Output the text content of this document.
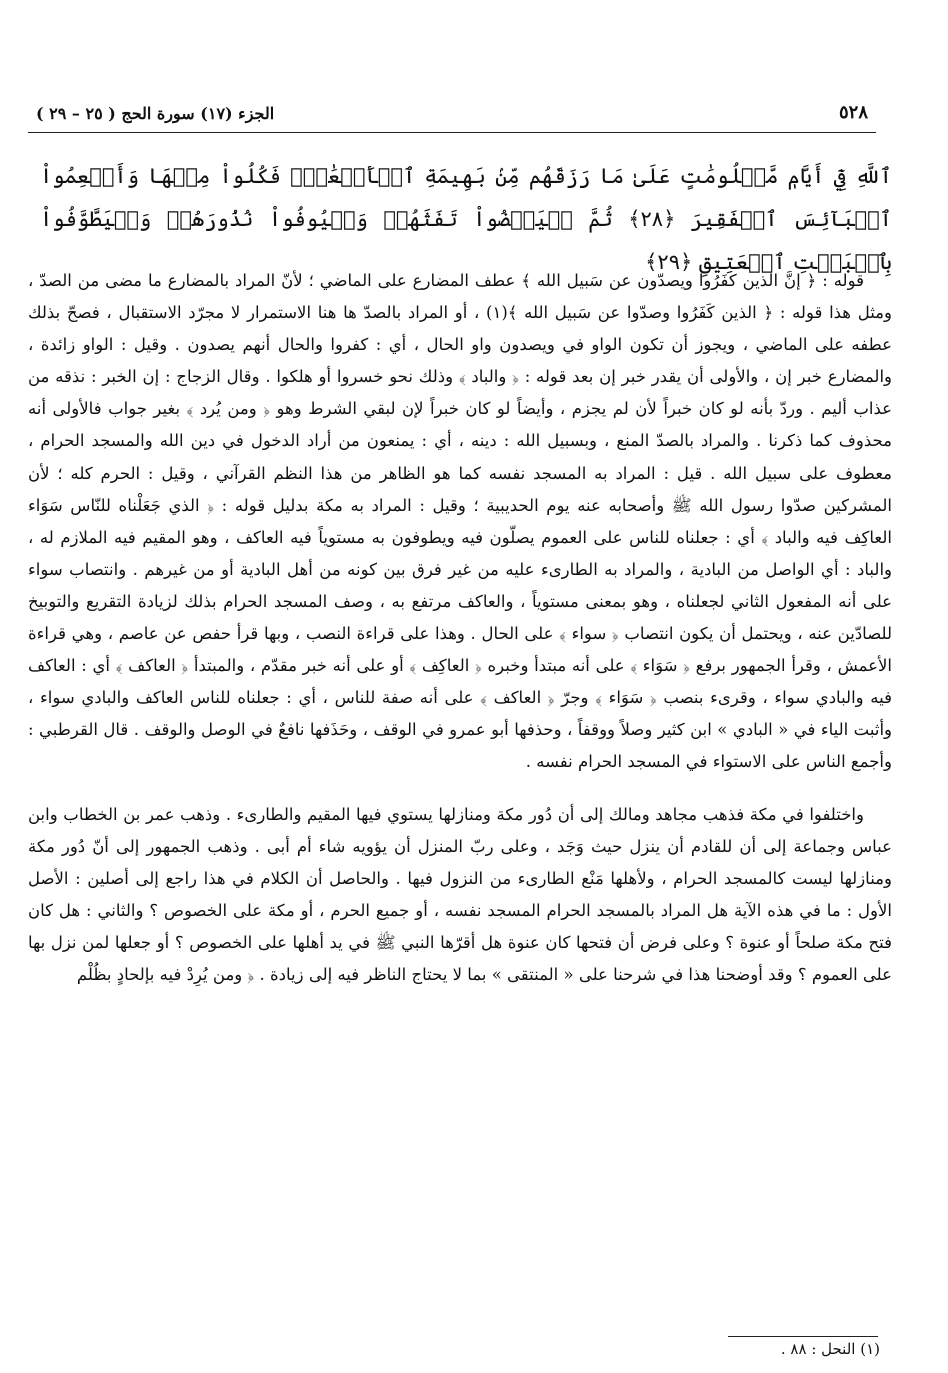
٥٢٨
الجزء (١٧) سورة الحج ( ٢٥ – ٢٩ )
ٱللَّهِ فِيٓ أَيَّامٖ مَّعۡلُومَٰتٍ عَلَىٰ مَا رَزَقَهُم مِّنۢ بَهِيمَةِ ٱلۡأَنۡعَٰمِۖ فَكُلُواْ مِنۡهَا وَأَطۡعِمُواْ ٱلۡبَآئِسَ ٱلۡفَقِيرَ ﴿٢٨﴾ ثُمَّ لۡيَقۡضُواْ تَفَثَهُمۡ وَلۡيُوفُواْ نُذُورَهُمۡ وَلۡيَطَّوَّفُواْ بِٱلۡبَيۡتِ ٱلۡعَتِيقِ ﴿٢٩﴾

قوله : ﴿ إنَّ الذين كفَرُوا ويصدّون عن سَبيل الله ﴾ عطف المضارع على الماضي ؛ لأنّ المراد بالمضارع ما مضى من الصدّ ، ومثل هذا قوله : ﴿ الذين كَفَرُوا وصدّوا عن سَبيل الله ﴾(١) ، أو المراد بالصدّ ها هنا الاستمرار لا مجرّد الاستقبال ، فصحّ بذلك عطفه على الماضي ، ويجوز أن تكون الواو في ويصدون واو الحال ، أي : كفروا والحال أنهم يصدون . وقيل : الواو زائدة ، والمضارع خبر إن ، والأولى أن يقدر خبر إن بعد قوله : ﴿ والباد ﴾ وذلك نحو خسروا أو هلكوا . وقال الزجاج : إن الخبر : نذقه من عذاب أليم . وردّ بأنه لو كان خبراً لأن لم يجزم ، وأيضاً لو كان خبراً لإن لبقي الشرط وهو ﴿ ومن يُرد ﴾ بغير جواب فالأولى أنه محذوف كما ذكرنا . والمراد بالصدّ المنع ، وبسبيل الله : دينه ، أي : يمنعون من أراد الدخول في دين الله والمسجد الحرام ، معطوف على سبيل الله . قيل : المراد به المسجد نفسه كما هو الظاهر من هذا النظم القرآني ، وقيل : الحرم كله ؛ لأن المشركين صدّوا رسول الله ﷺ وأصحابه عنه يوم الحديبية ؛ وقيل : المراد به مكة بدليل قوله : ﴿ الذي جَعَلْناه للنّاس سَوَاء العاكِف فيه والباد ﴾ أي : جعلناه للناس على العموم يصلّون فيه ويطوفون به مستوياً فيه العاكف ، وهو المقيم فيه الملازم له ، والباد : أي الواصل من البادية ، والمراد به الطارىء عليه من غير فرق بين كونه من أهل البادية أو من غيرهم . وانتصاب سواء على أنه المفعول الثاني لجعلناه ، وهو بمعنى مستوياً ، والعاكف مرتفع به ، وصف المسجد الحرام بذلك لزيادة التقريع والتوبيخ للصادّين عنه ، ويحتمل أن يكون انتصاب ﴿ سواء ﴾ على الحال . وهذا على قراءة النصب ، وبها قرأ حفص عن عاصم ، وهي قراءة الأعمش ، وقرأ الجمهور برفع ﴿ سَوَاء ﴾ على أنه مبتدأ وخبره ﴿ العاكِف ﴾ أو على أنه خبر مقدّم ، والمبتدأ ﴿ العاكف ﴾ أي : العاكف فيه والبادي سواء ، وقرىء بنصب ﴿ سَوَاء ﴾ وجرّ ﴿ العاكف ﴾ على أنه صفة للناس ، أي : جعلناه للناس العاكف والبادي سواء ، وأثبت الياء في « البادي » ابن كثير وصلاً ووقفاً ، وحذفها أبو عمرو في الوقف ، وحَذَفها نافعٌ في الوصل والوقف . قال القرطبي : وأجمع الناس على الاستواء في المسجد الحرام نفسه .

واختلفوا في مكة فذهب مجاهد ومالك إلى أن دُور مكة ومنازلها يستوي فيها المقيم والطارىء . وذهب عمر بن الخطاب وابن عباس وجماعة إلى أن للقادم أن ينزل حيث وَجَد ، وعلى ربّ المنزل أن يؤويه شاء أم أبى . وذهب الجمهور إلى أنّ دُور مكة ومنازلها ليست كالمسجد الحرام ، ولأهلها مَنْع الطارىء من النزول فيها . والحاصل أن الكلام في هذا راجع إلى أصلين : الأصل الأول : ما في هذه الآية هل المراد بالمسجد الحرام المسجد نفسه ، أو جميع الحرم ، أو مكة على الخصوص ؟ والثاني : هل كان فتح مكة صلحاً أو عنوة ؟ وعلى فرض أن فتحها كان عنوة هل أقرّها النبي ﷺ في يد أهلها على الخصوص ؟ أو جعلها لمن نزل بها على العموم ؟ وقد أوضحنا هذا في شرحنا على « المنتقى » بما لا يحتاج الناظر فيه إلى زيادة . ﴿ ومن يُرِدْ فيه بإلحادٍ بظُلْم

(١) النحل : ٨٨ .
